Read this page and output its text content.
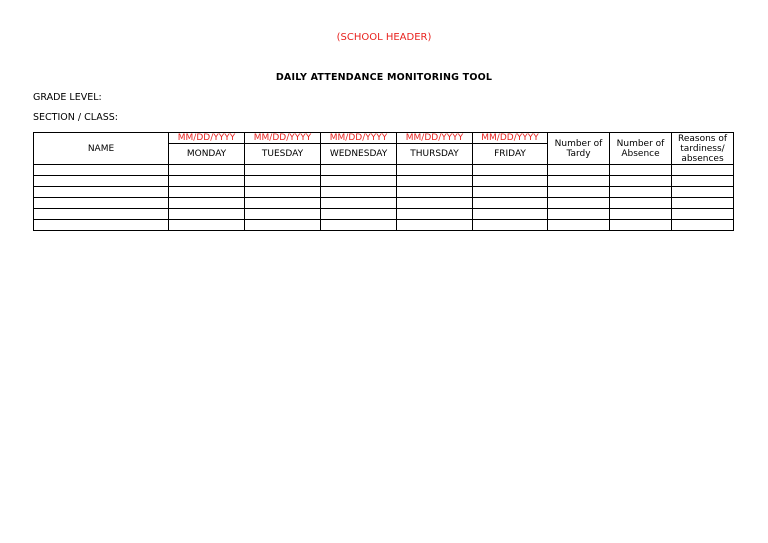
(SCHOOL HEADER)
DAILY ATTENDANCE MONITORING TOOL
GRADE LEVEL:
SECTION / CLASS:
NAME	MM/DD/YYYY	MM/DD/YYYY	MM/DD/YYYY	MM/DD/YYYY	MM/DD/YYYY	Number of Tardy	Number of Absence	Reasons of tardiness/ absences
	MONDAY	TUESDAY	WEDNESDAY	THURSDAY	FRIDAY			
